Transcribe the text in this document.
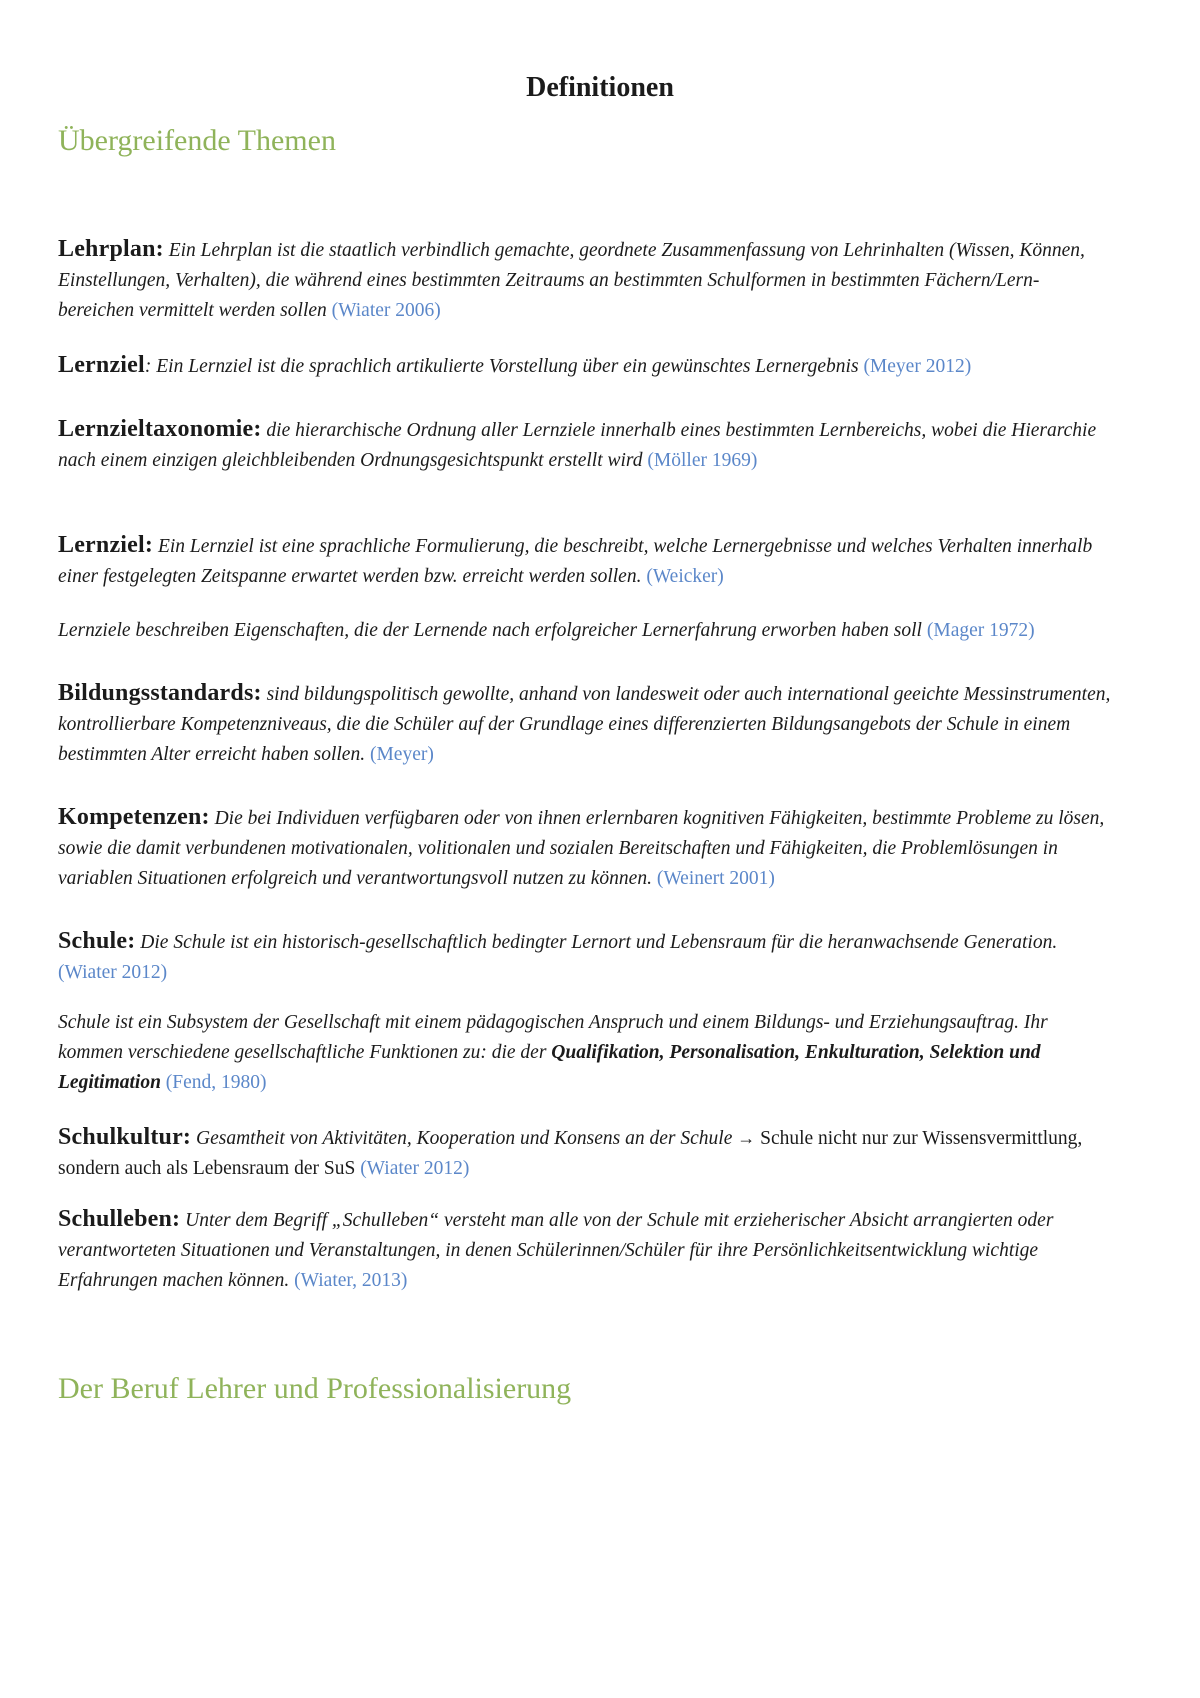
Definitionen
Übergreifende Themen

Lehrplan: Ein Lehrplan ist die staatlich verbindlich gemachte, geordnete Zusammenfassung von Lehrinhalten (Wissen, Können, Einstellungen, Verhalten), die während eines bestimmten Zeitraums an bestimmten Schulformen in bestimmten Fächern/Lern-bereichen vermittelt werden sollen (Wiater 2006)

Lernziel: Ein Lernziel ist die sprachlich artikulierte Vorstellung über ein gewünschtes Lernergebnis (Meyer 2012)

Lernzieltaxonomie: die hierarchische Ordnung aller Lernziele innerhalb eines bestimmten Lernbereichs, wobei die Hierarchie nach einem einzigen gleichbleibenden Ordnungsgesichtspunkt erstellt wird (Möller 1969)

Lernziel: Ein Lernziel ist eine sprachliche Formulierung, die beschreibt, welche Lernergebnisse und welches Verhalten innerhalb einer festgelegten Zeitspanne erwartet werden bzw. erreicht werden sollen. (Weicker)

Lernziele beschreiben Eigenschaften, die der Lernende nach erfolgreicher Lernerfahrung erworben haben soll (Mager 1972)

Bildungsstandards: sind bildungspolitisch gewollte, anhand von landesweit oder auch international geeichte Messinstrumenten, kontrollierbare Kompetenzniveaus, die die Schüler auf der Grundlage eines differenzierten Bildungsangebots der Schule in einem bestimmten Alter erreicht haben sollen. (Meyer)

Kompetenzen: Die bei Individuen verfügbaren oder von ihnen erlernbaren kognitiven Fähigkeiten, bestimmte Probleme zu lösen, sowie die damit verbundenen motivationalen, volitionalen und sozialen Bereitschaften und Fähigkeiten, die Problemlösungen in variablen Situationen erfolgreich und verantwortungsvoll nutzen zu können. (Weinert 2001)

Schule: Die Schule ist ein historisch-gesellschaftlich bedingter Lernort und Lebensraum für die heranwachsende Generation. (Wiater 2012)

Schule ist ein Subsystem der Gesellschaft mit einem pädagogischen Anspruch und einem Bildungs- und Erziehungsauftrag. Ihr kommen verschiedene gesellschaftliche Funktionen zu: die der Qualifikation, Personalisation, Enkulturation, Selektion und Legitimation (Fend, 1980)

Schulkultur: Gesamtheit von Aktivitäten, Kooperation und Konsens an der Schule → Schule nicht nur zur Wissensvermittlung, sondern auch als Lebensraum der SuS (Wiater 2012)

Schulleben: Unter dem Begriff „Schulleben“ versteht man alle von der Schule mit erzieherischer Absicht arrangierten oder verantworteten Situationen und Veranstaltungen, in denen Schülerinnen/Schüler für ihre Persönlichkeitsentwicklung wichtige Erfahrungen machen können. (Wiater, 2013)

Der Beruf Lehrer und Professionalisierung
